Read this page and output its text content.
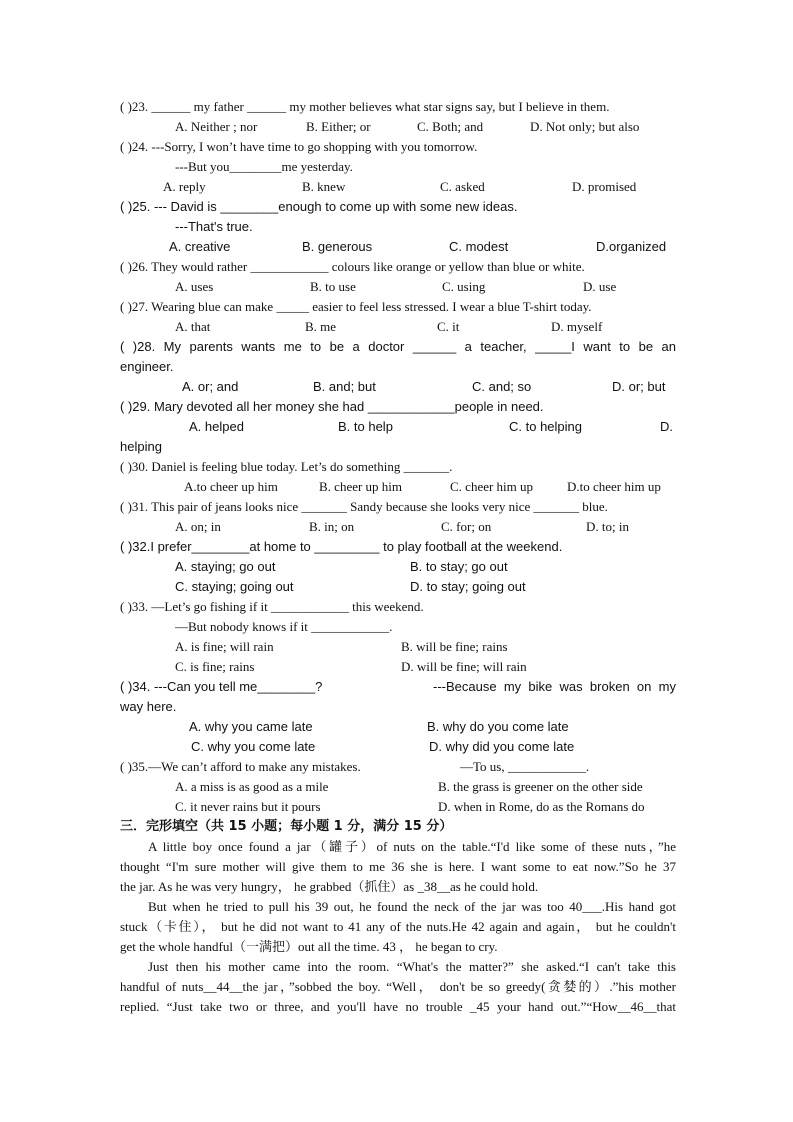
( )23. ______ my father ______ my mother believes what star signs say, but I believe in them.
A. Neither ; nor	B. Either; or	C. Both; and	D. Not only; but also
( )24. ---Sorry, I won’t have time to go shopping with you tomorrow.
---But you________me yesterday.
A. reply	B. knew	C. asked	D. promised
( )25. --- David is ________enough to come up with some new ideas.
---That's true.
A. creative	B. generous	C. modest	D.organized
( )26. They would rather ____________ colours like orange or yellow than blue or white.
A. uses	B. to use	C. using	D. use
( )27. Wearing blue can make _____ easier to feel less stressed. I wear a blue T-shirt today.
A. that	B. me	C. it	D. myself
( )28. My parents wants me to be a doctor ______ a teacher, _____I want to be an
engineer.
A. or; and	B. and; but	C. and; so	D. or; but
( )29. Mary devoted all her money she had ____________people in need.
A. helped	B. to help	C. to helping	D.
helping
( )30. Daniel is feeling blue today. Let’s do something _______.
A.to cheer up him	B. cheer up him	C. cheer him up	D.to cheer him up
( )31. This pair of jeans looks nice _______ Sandy because she looks very nice _______ blue.
A. on; in	B. in; on	C. for; on	D. to; in
( )32.I prefer________at home to _________ to play football at the weekend.
A. staying; go out	B. to stay; go out
C. staying; going out	D. to stay; going out
( )33. —Let’s go fishing if it ____________ this weekend.
—But nobody knows if it ____________.
A. is fine; will rain	B. will be fine; rains
C. is fine; rains	D. will be fine; will rain
( )34. ---Can you tell me________?	---Because my bike was broken on my
way here.
A. why you came late	B. why do you come late
C. why you come late	D. why did you come late
( )35.—We can’t afford to make any mistakes.	—To us, ____________.
A. a miss is as good as a mile	B. the grass is greener on the other side
C. it never rains but it pours	D. when in Rome, do as the Romans do
三．完形填空（共 15 小题；每小题 1 分，满分 15 分）
A little boy once found a jar（罐子）of nuts on the table.“I'd like some of these nuts，”he
thought “I'm sure mother will give them to me 36 she is here. I want some to eat now.”So he 37
the jar. As he was very hungry， he grabbed（抓住）as _38__as he could hold.
But when he tried to pull his 39 out, he found the neck of the jar was too 40___.His hand got
stuck（卡住）， but he did not want to 41 any of the nuts.He 42 again and again， but he couldn't
get the whole handful（一满把）out all the time. 43 ， he began to cry.
Just then his mother came into the room. “What's the matter?” she asked.“I can't take this
handful of nuts__44__the jar，”sobbed the boy. “Well， don't be so greedy(贪婪的）.”his mother
replied. “Just take two or three, and you'll have no trouble _45 your hand out.”“How__46__that
